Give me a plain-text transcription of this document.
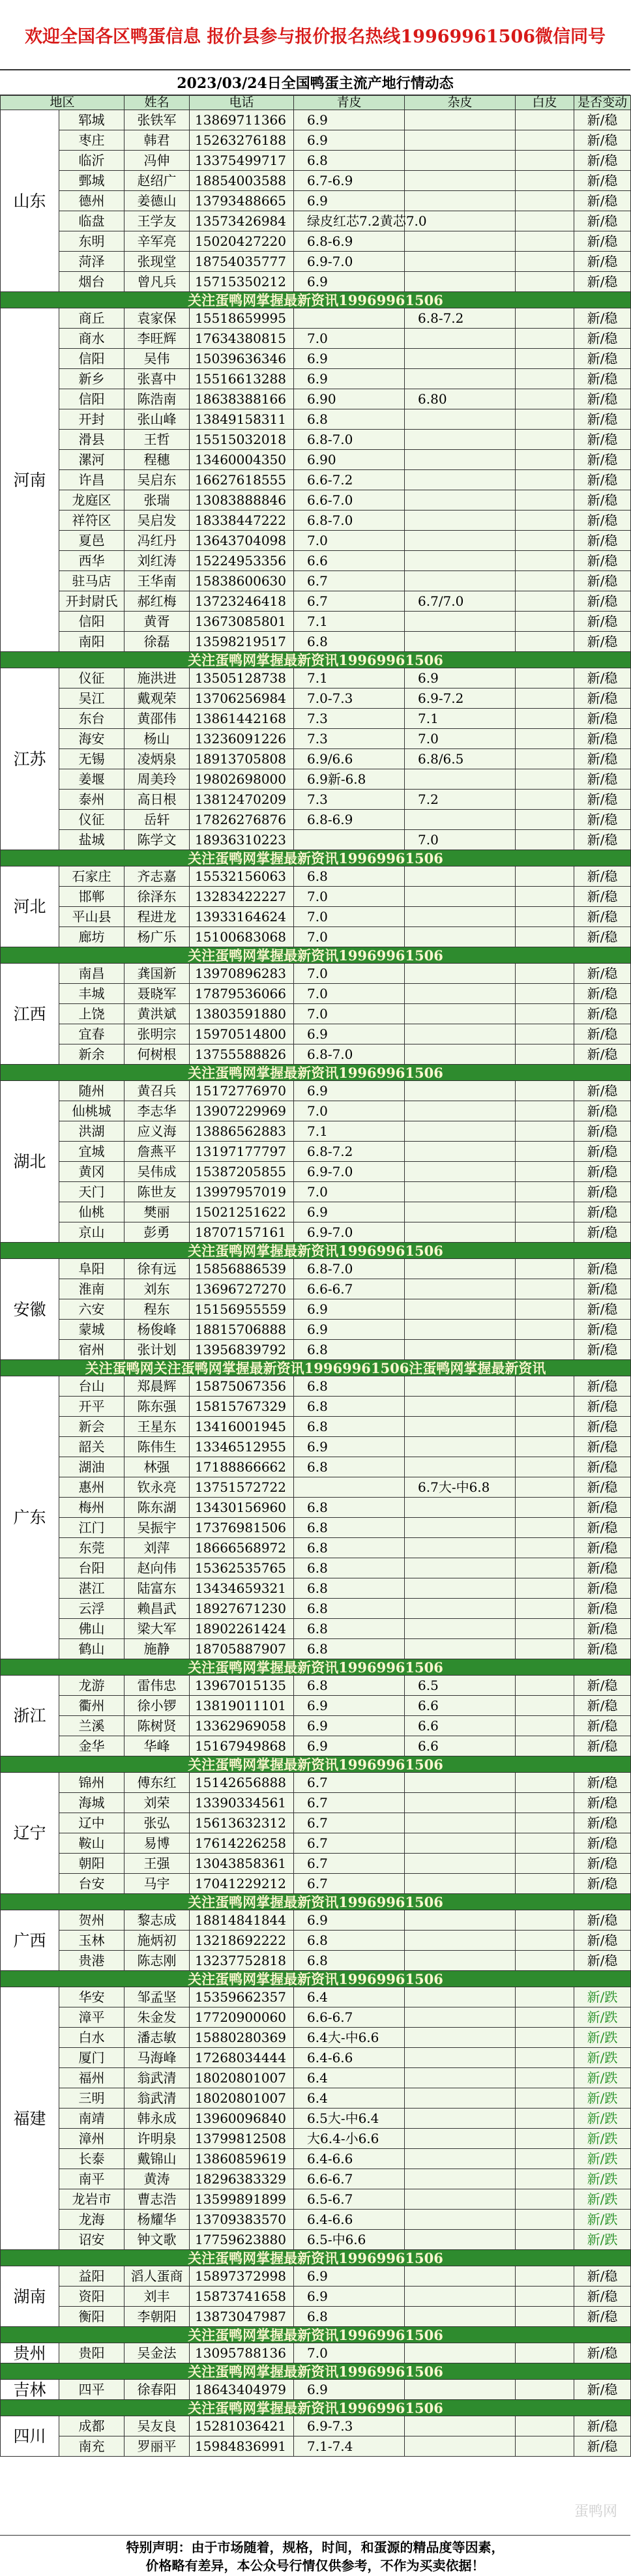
欢迎全国各区鸭蛋信息 报价县参与报价报名热线19969961506微信同号
2023/03/24日全国鸭蛋主流产地行情动态
地区		姓名	电话	青皮	杂皮	白皮	是否变动
山东	郓城	张铁军	13869711366	6.9			新/稳
	枣庄	韩君	15263276188	6.9			新/稳
	临沂	冯伸	13375499717	6.8			新/稳
	鄄城	赵绍广	18854003588	6.7-6.9			新/稳
	德州	姜德山	13793488665	6.9			新/稳
	临盘	王学友	13573426984	绿皮红芯7.2黄芯7.0			新/稳
	东明	辛军亮	15020427220	6.8-6.9			新/稳
	菏泽	张现堂	18754035777	6.9-7.0			新/稳
	烟台	曾凡兵	15715350212	6.9			新/稳
关注蛋鸭网掌握最新资讯19969961506							
河南	商丘	袁家保	15518659995		6.8-7.2		新/稳
	商水	李旺辉	17634380815	7.0			新/稳
	信阳	吴伟	15039636346	6.9			新/稳
	新乡	张喜中	15516613288	6.9			新/稳
	信阳	陈浩南	18638388166	6.90	6.80		新/稳
	开封	张山峰	13849158311	6.8			新/稳
	滑县	王哲	15515032018	6.8-7.0			新/稳
	漯河	程穗	13460004350	6.90			新/稳
	许昌	吴启东	16627618555	6.6-7.2			新/稳
	龙庭区	张瑞	13083888846	6.6-7.0			新/稳
	祥符区	吴启发	18338447222	6.8-7.0			新/稳
	夏邑	冯红丹	13643704098	7.0			新/稳
	西华	刘红涛	15224953356	6.6			新/稳
	驻马店	王华南	15838600630	6.7			新/稳
	开封尉氏	郝红梅	13723246418	6.7	6.7/7.0		新/稳
	信阳	黄胥	13673085801	7.1			新/稳
	南阳	徐磊	13598219517	6.8			新/稳
关注蛋鸭网掌握最新资讯19969961506							
江苏	仪征	施洪进	13505128738	7.1	6.9		新/稳
	吴江	戴观荣	13706256984	7.0-7.3	6.9-7.2		新/稳
	东台	黄邵伟	13861442168	7.3	7.1		新/稳
	海安	杨山	13236091226	7.3	7.0		新/稳
	无锡	凌炳泉	18913705808	6.9/6.6	6.8/6.5		新/稳
	姜堰	周美玲	19802698000	6.9新-6.8			新/稳
	泰州	高日根	13812470209	7.3	7.2		新/稳
	仪征	岳轩	17826276876	6.8-6.9			新/稳
	盐城	陈学文	18936310223		7.0		新/稳
关注蛋鸭网掌握最新资讯19969961506							
河北	石家庄	齐志嘉	15532156063	6.8			新/稳
	邯郸	徐泽东	13283422227	7.0			新/稳
	平山县	程进龙	13933164624	7.0			新/稳
	廊坊	杨广乐	15100683068	7.0			新/稳
关注蛋鸭网掌握最新资讯19969961506							
江西	南昌	龚国新	13970896283	7.0			新/稳
	丰城	聂晓军	17879536066	7.0			新/稳
	上饶	黄洪斌	13803591880	7.0			新/稳
	宜春	张明宗	15970514800	6.9			新/稳
	新余	何树根	13755588826	6.8-7.0			新/稳
关注蛋鸭网掌握最新资讯19969961506							
湖北	随州	黄召兵	15172776970	6.9			新/稳
	仙桃城	李志华	13907229969	7.0			新/稳
	洪湖	应义海	13886562883	7.1			新/稳
	宜城	詹燕平	13197177797	6.8-7.2			新/稳
	黄冈	吴伟成	15387205855	6.9-7.0			新/稳
	天门	陈世友	13997957019	7.0			新/稳
	仙桃	樊丽	15021251622	6.9			新/稳
	京山	彭勇	18707157161	6.9-7.0			新/稳
关注蛋鸭网掌握最新资讯19969961506							
安徽	阜阳	徐有远	15856886539	6.8-7.0			新/稳
	淮南	刘东	13696727270	6.6-6.7			新/稳
	六安	程东	15156955559	6.9			新/稳
	蒙城	杨俊峰	18815706888	6.9			新/稳
	宿州	张计划	13956839792	6.8			新/稳
关注蛋鸭网关注蛋鸭网掌握最新资讯19969961506注蛋鸭网掌握最新资讯							
广东	台山	郑晨辉	15875067356	6.8			新/稳
	开平	陈东强	15815767329	6.8			新/稳
	新会	王星东	13416001945	6.8			新/稳
	韶关	陈伟生	13346512955	6.9			新/稳
	湖油	林强	17188866662	6.8			新/稳
	惠州	钦永亮	13751572722		6.7大-中6.8		新/稳
	梅州	陈东湖	13430156960	6.8			新/稳
	江门	吴振宇	17376981506	6.8			新/稳
	东莞	刘萍	18666568972	6.8			新/稳
	台阳	赵向伟	15362535765	6.8			新/稳
	湛江	陆富东	13434659321	6.8			新/稳
	云浮	赖昌武	18927671230	6.8			新/稳
	佛山	梁大军	18902261424	6.8			新/稳
	鹤山	施静	18705887907	6.8			新/稳
关注蛋鸭网掌握最新资讯19969961506							
浙江	龙游	雷伟忠	13967015135	6.8	6.5		新/稳
	衢州	徐小锣	13819011101	6.9	6.6		新/稳
	兰溪	陈树贤	13362969058	6.9	6.6		新/稳
	金华	华峰	15167949868	6.9	6.6		新/稳
关注蛋鸭网掌握最新资讯19969961506							
辽宁	锦州	傅东红	15142656888	6.7			新/稳
	海城	刘荣	13390334561	6.7			新/稳
	辽中	张弘	15613632312	6.7			新/稳
	鞍山	易博	17614226258	6.7			新/稳
	朝阳	王强	13043858361	6.7			新/稳
	台安	马宇	17041229212	6.7			新/稳
关注蛋鸭网掌握最新资讯19969961506							
广西	贺州	黎志成	18814841844	6.9			新/稳
	玉林	施炳初	13218692222	6.8			新/稳
	贵港	陈志刚	13237752818	6.8			新/稳
关注蛋鸭网掌握最新资讯19969961506							
福建	华安	邹孟坚	15359662357	6.4			新/跌
	漳平	朱金发	17720900060	6.6-6.7			新/跌
	白水	潘志敏	15880280369	6.4大-中6.6			新/跌
	厦门	马海峰	17268034444	6.4-6.6			新/跌
	福州	翁武清	18020801007	6.4			新/跌
	三明	翁武清	18020801007	6.4			新/跌
	南靖	韩永成	13960096840	6.5大-中6.4			新/跌
	漳州	许明泉	13799812508	大6.4-小6.6			新/跌
	长泰	戴锦山	13860859619	6.4-6.6			新/跌
	南平	黄涛	18296383329	6.6-6.7			新/跌
	龙岩市	曹志浩	13599891899	6.5-6.7			新/跌
	龙海	杨耀华	13709383570	6.4-6.6			新/跌
	诏安	钟文歌	17759623880	6.5-中6.6			新/跌
关注蛋鸭网掌握最新资讯19969961506							
湖南	益阳	滔人蛋商	15897372998	6.9			新/稳
	资阳	刘丰	15873741658	6.9			新/稳
	衡阳	李朝阳	13873047987	6.8			新/稳
关注蛋鸭网掌握最新资讯19969961506							
贵州	贵阳	吴金法	13095788136	7.0			新/稳
关注蛋鸭网掌握最新资讯19969961506							
吉林	四平	徐春阳	18643404979	6.9			新/稳
关注蛋鸭网掌握最新资讯19969961506							
四川	成都	吴友良	15281036421	6.9-7.3			新/稳
	南充	罗丽平	15984836991	7.1-7.4			新/稳
蛋鸭网
特别声明：由于市场随着，规格，时间，和蛋源的精品度等因素，
价格略有差异，本公众号行情仅供参考，不作为买卖依据！
